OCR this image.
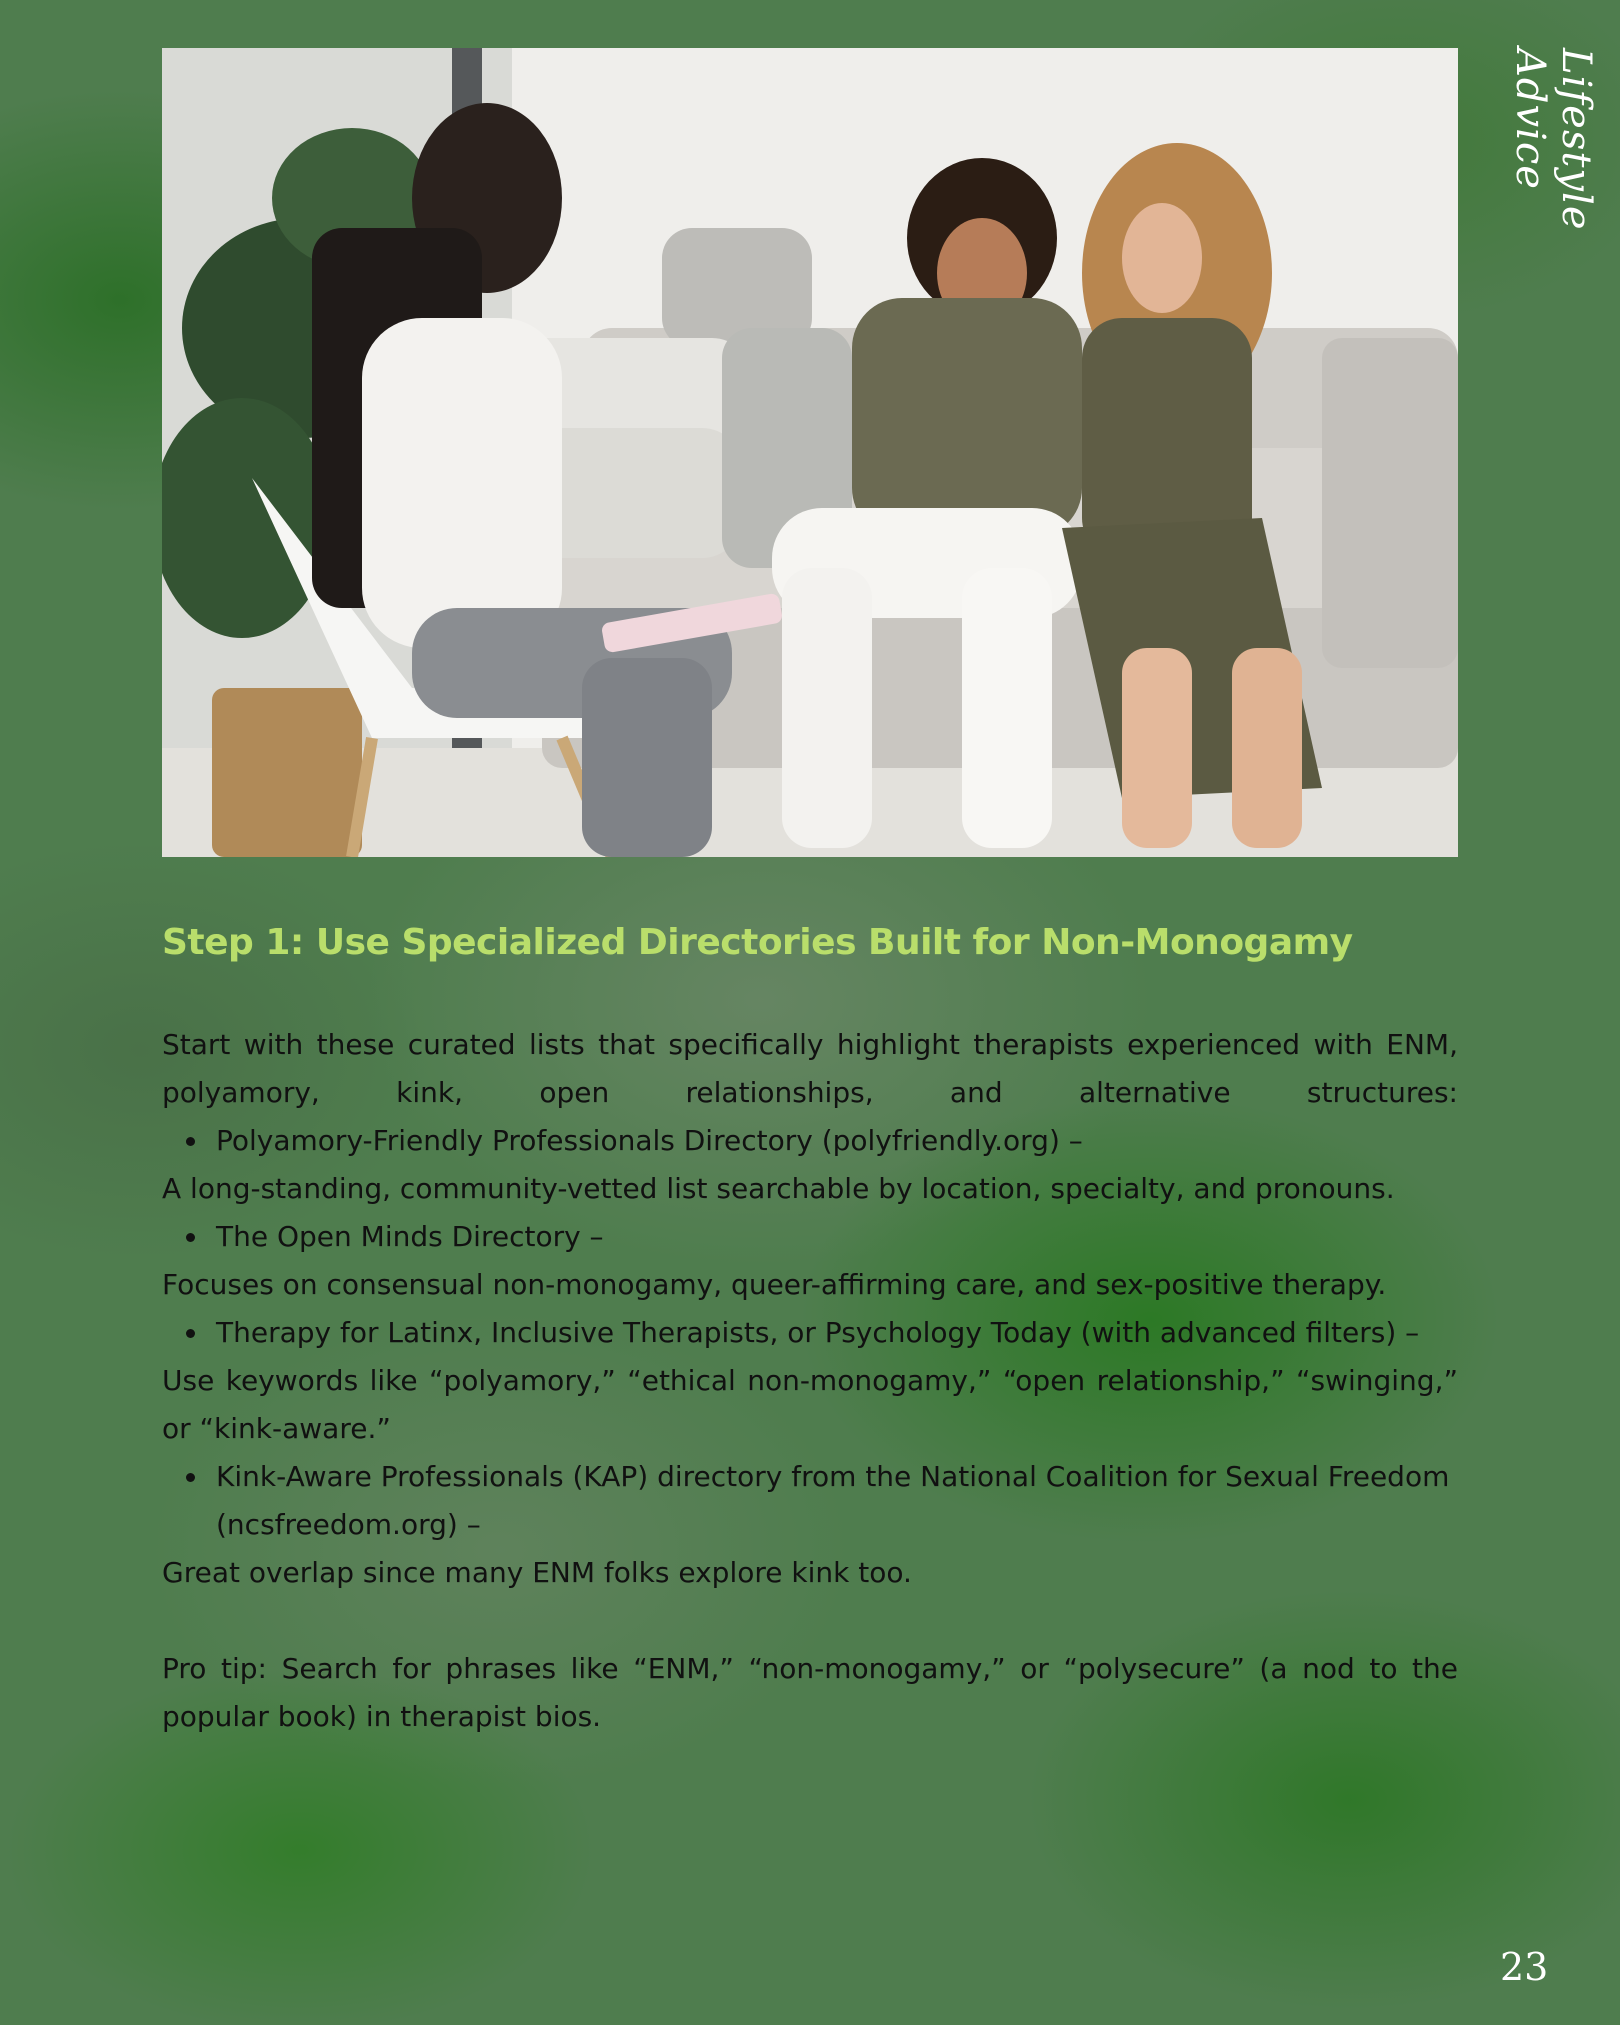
Lifestyle Advice
Step 1: Use Specialized Directories Built for Non-Monogamy

Start with these curated lists that specifically highlight therapists experienced with ENM, polyamory, kink, open relationships, and alternative structures:

Polyamory-Friendly Professionals Directory (polyfriendly.org) –

A long-standing, community-vetted list searchable by location, specialty, and pronouns.

The Open Minds Directory –

Focuses on consensual non-monogamy, queer-affirming care, and sex-positive therapy.

Therapy for Latinx, Inclusive Therapists, or Psychology Today (with advanced filters) –

Use keywords like “polyamory,” “ethical non-monogamy,” “open relationship,” “swinging,” or “kink-aware.”

Kink-Aware Professionals (KAP) directory from the National Coalition for Sexual Freedom (ncsfreedom.org) –

Great overlap since many ENM folks explore kink too.

Pro tip: Search for phrases like “ENM,” “non-monogamy,” or “polysecure” (a nod to the popular book) in therapist bios.

23
